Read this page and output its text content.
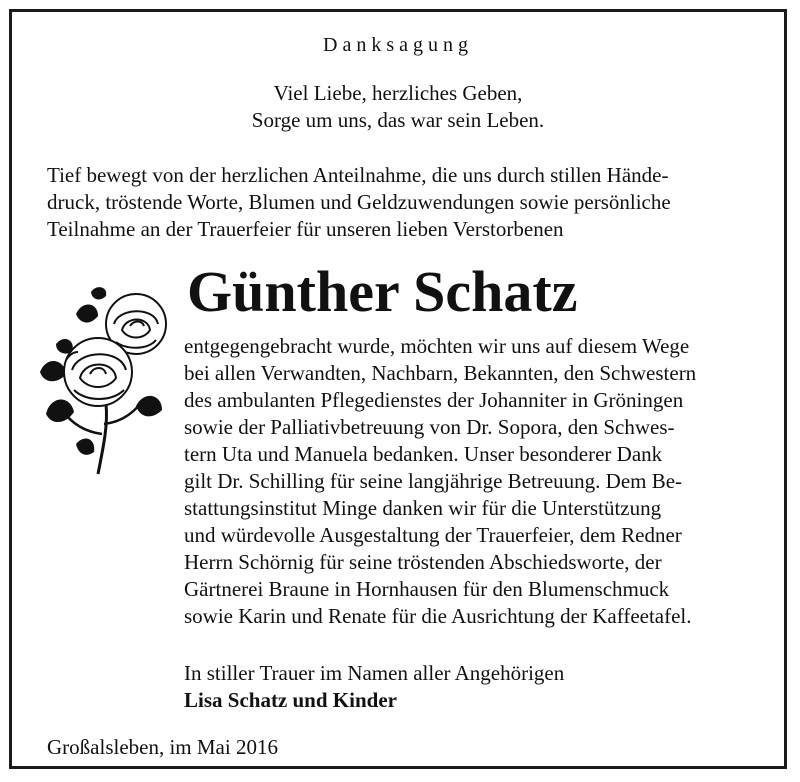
Danksagung
Viel Liebe, herzliches Geben,
Sorge um uns, das war sein Leben.
Tief bewegt von der herzlichen Anteilnahme, die uns durch stillen Hände-
druck, tröstende Worte, Blumen und Geldzuwendungen sowie persönliche
Teilnahme an der Trauerfeier für unseren lieben Verstorbenen
Günther Schatz
entgegengebracht wurde, möchten wir uns auf diesem Wege
bei allen Verwandten, Nachbarn, Bekannten, den Schwestern
des ambulanten Pflegedienstes der Johanniter in Gröningen
sowie der Palliativbetreuung von Dr. Sopora, den Schwes-
tern Uta und Manuela bedanken. Unser besonderer Dank
gilt Dr. Schilling für seine langjährige Betreuung. Dem Be-
stattungsinstitut Minge danken wir für die Unterstützung
und würdevolle Ausgestaltung der Trauerfeier, dem Redner
Herrn Schörnig für seine tröstenden Abschiedsworte, der
Gärtnerei Braune in Hornhausen für den Blumenschmuck
sowie Karin und Renate für die Ausrichtung der Kaffeetafel.
In stiller Trauer im Namen aller Angehörigen
Lisa Schatz und Kinder
Großalsleben, im Mai 2016
